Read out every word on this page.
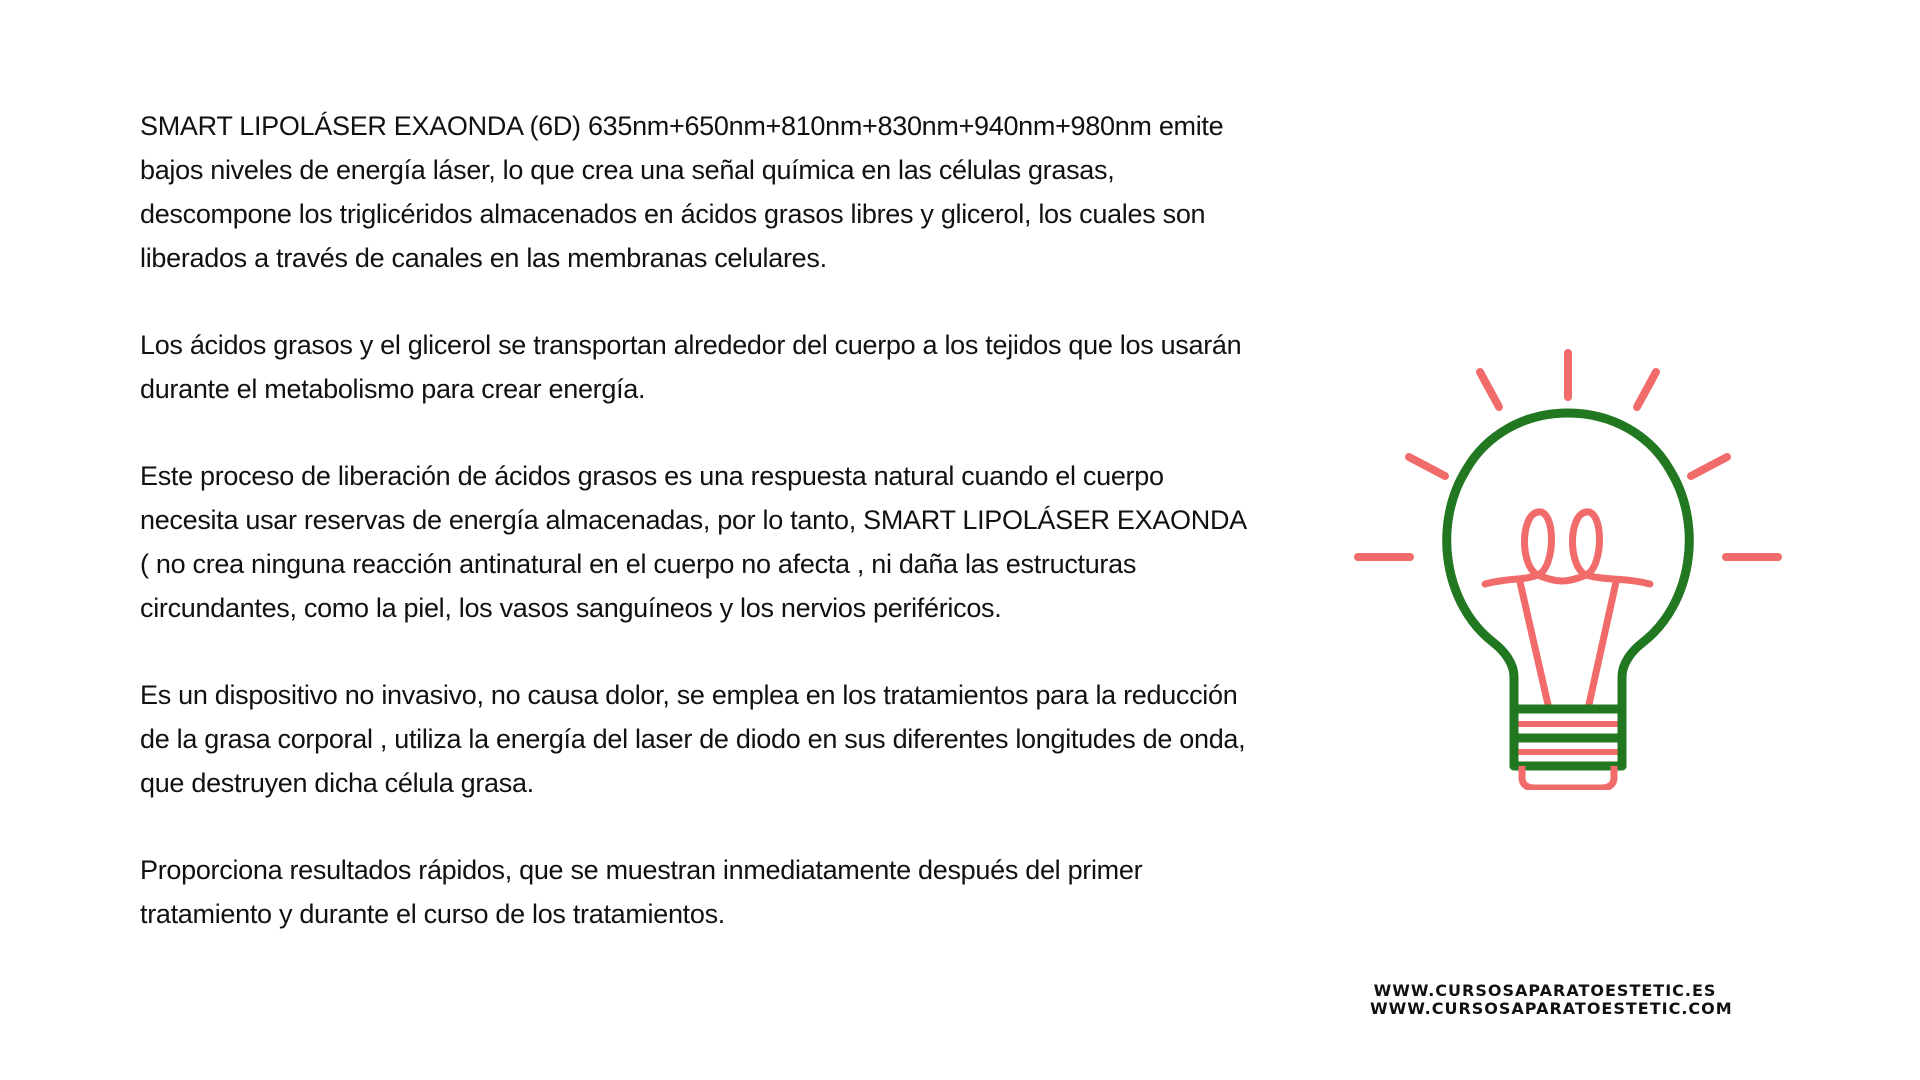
SMART LIPOLÁSER EXAONDA (6D) 635nm+650nm+810nm+830nm+940nm+980nm emite
bajos niveles de energía láser, lo que crea una señal química en las células grasas,
descompone los triglicéridos almacenados en ácidos grasos libres y glicerol, los cuales son
liberados a través de canales en las membranas celulares.

Los ácidos grasos y el glicerol se transportan alrededor del cuerpo a los tejidos que los usarán
durante el metabolismo para crear energía.

Este proceso de liberación de ácidos grasos es una respuesta natural cuando el cuerpo
necesita usar reservas de energía almacenadas, por lo tanto, SMART LIPOLÁSER EXAONDA
( no crea ninguna reacción antinatural en el cuerpo no afecta , ni daña las estructuras
circundantes, como la piel, los vasos sanguíneos y los nervios periféricos.

Es un dispositivo no invasivo, no causa dolor, se emplea en los tratamientos para la reducción
de la grasa corporal , utiliza la energía del laser de diodo en sus diferentes longitudes de onda,
que destruyen dicha célula grasa.

Proporciona resultados rápidos, que se muestran inmediatamente después del primer
tratamiento y durante el curso de los tratamientos.

WWW.CURSOSAPARATOESTETIC.ES
WWW.CURSOSAPARATOESTETIC.COM
